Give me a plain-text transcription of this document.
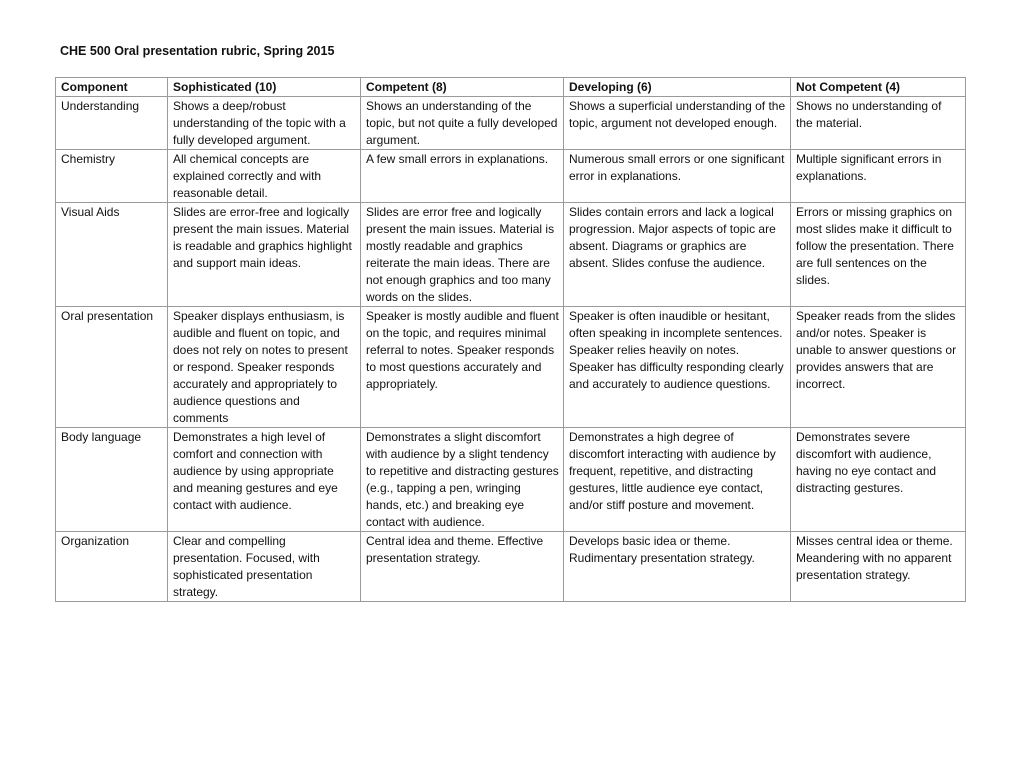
CHE 500 Oral presentation rubric, Spring 2015
Component	Sophisticated (10)	Competent (8)	Developing (6)	Not Competent (4)
Understanding	Shows a deep/robust understanding of the topic with a fully developed argument.	Shows an understanding of the topic, but not quite a fully developed argument.	Shows a superficial understanding of the topic, argument not developed enough.	Shows no understanding of the material.
Chemistry	All chemical concepts are explained correctly and with reasonable detail.	A few small errors in explanations.	Numerous small errors or one significant error in explanations.	Multiple significant errors in explanations.
Visual Aids	Slides are error-free and logically present the main issues. Material is readable and graphics highlight and support main ideas.	Slides are error free and logically present the main issues. Material is mostly readable and graphics reiterate the main ideas. There are not enough graphics and too many words on the slides.	Slides contain errors and lack a logical progression. Major aspects of topic are absent. Diagrams or graphics are absent. Slides confuse the audience.	Errors or missing graphics on most slides make it difficult to follow the presentation. There are full sentences on the slides.
Oral presentation	Speaker displays enthusiasm, is audible and fluent on topic, and does not rely on notes to present or respond. Speaker responds accurately and appropriately to audience questions and comments	Speaker is mostly audible and fluent on the topic, and requires minimal referral to notes. Speaker responds to most questions accurately and appropriately.	Speaker is often inaudible or hesitant, often speaking in incomplete sentences. Speaker relies heavily on notes. Speaker has difficulty responding clearly and accurately to audience questions.	Speaker reads from the slides and/or notes. Speaker is unable to answer questions or provides answers that are incorrect.
Body language	Demonstrates a high level of comfort and connection with audience by using appropriate and meaning gestures and eye contact with audience.	Demonstrates a slight discomfort with audience by a slight tendency to repetitive and distracting gestures (e.g., tapping a pen, wringing hands, etc.) and breaking eye contact with audience.	Demonstrates a high degree of discomfort interacting with audience by frequent, repetitive, and distracting gestures, little audience eye contact, and/or stiff posture and movement.	Demonstrates severe discomfort with audience, having no eye contact and distracting gestures.
Organization	Clear and compelling presentation. Focused, with sophisticated presentation strategy.	Central idea and theme. Effective presentation strategy.	Develops basic idea or theme. Rudimentary presentation strategy.	Misses central idea or theme. Meandering with no apparent presentation strategy.
